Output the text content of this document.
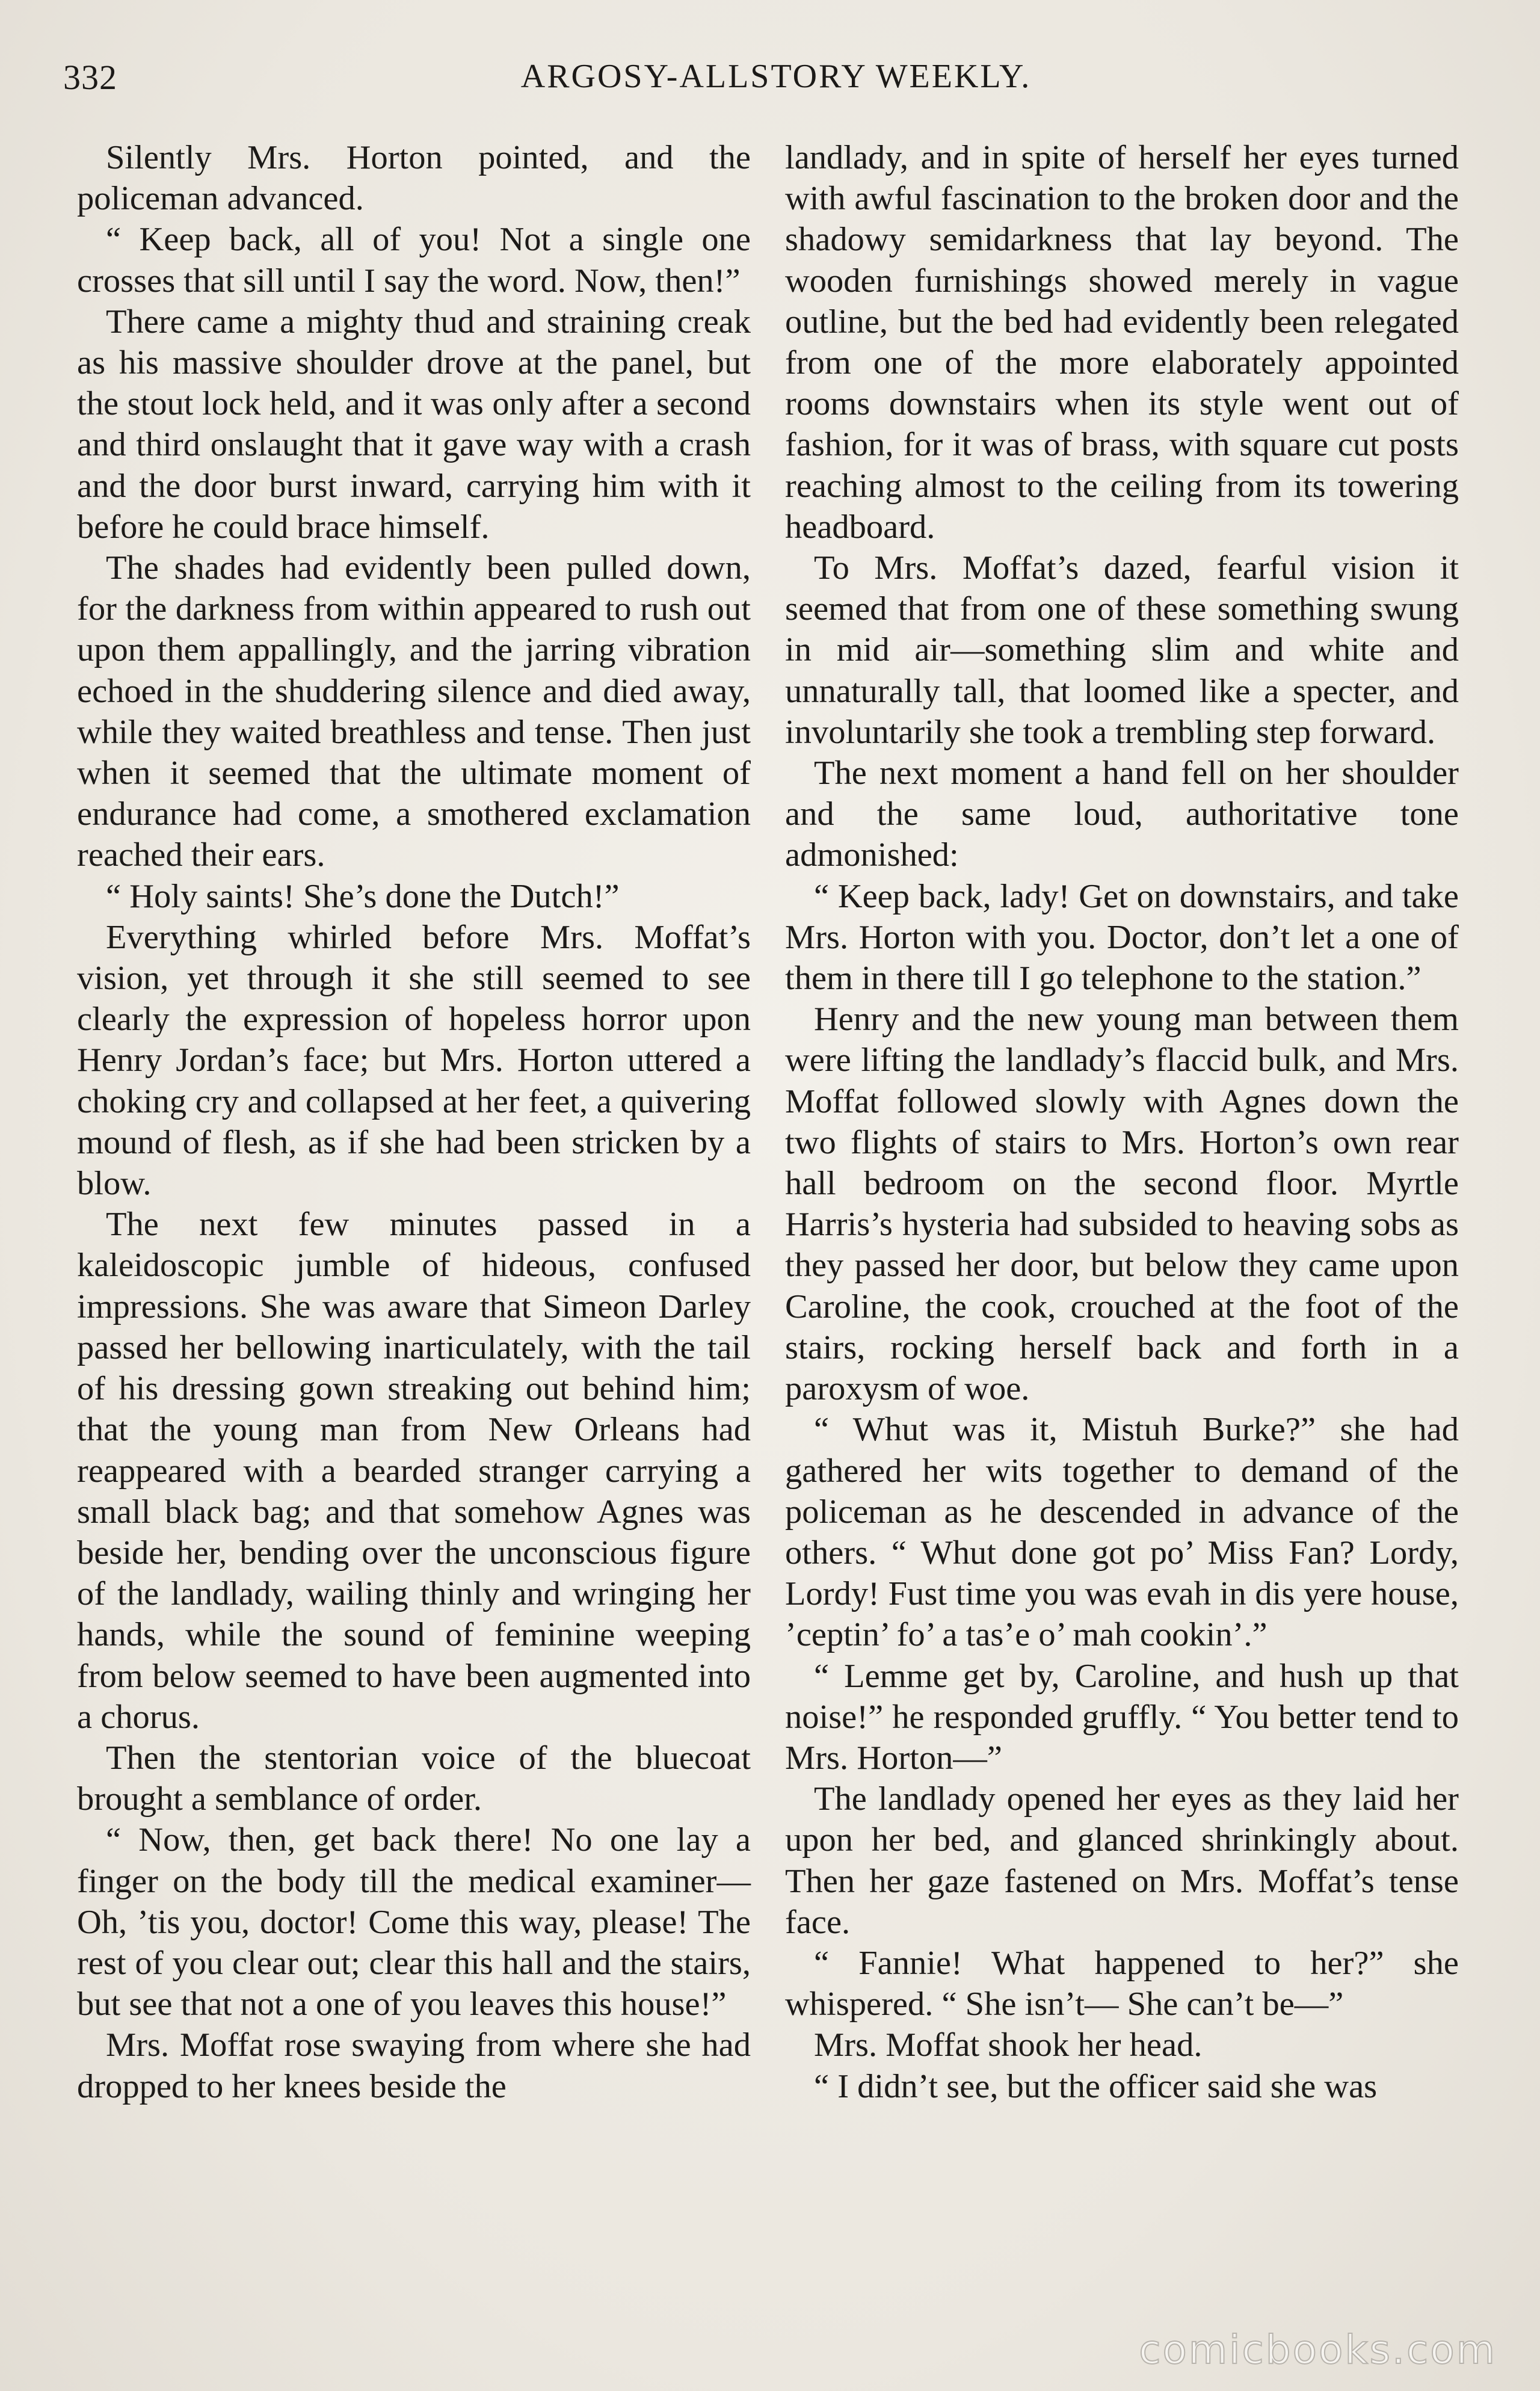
332	ARGOSY-ALLSTORY WEEKLY.

Silently Mrs. Horton pointed, and the policeman advanced.

“ Keep back, all of you! Not a single one crosses that sill until I say the word. Now, then!”

There came a mighty thud and straining creak as his massive shoulder drove at the panel, but the stout lock held, and it was only after a second and third onslaught that it gave way with a crash and the door burst inward, carrying him with it before he could brace himself.

The shades had evidently been pulled down, for the darkness from within appeared to rush out upon them appallingly, and the jarring vibration echoed in the shuddering silence and died away, while they waited breathless and tense. Then just when it seemed that the ultimate moment of endurance had come, a smothered exclamation reached their ears.

“ Holy saints! She’s done the Dutch!”

Everything whirled before Mrs. Moffat’s vision, yet through it she still seemed to see clearly the expression of hopeless horror upon Henry Jordan’s face; but Mrs. Horton uttered a choking cry and collapsed at her feet, a quivering mound of flesh, as if she had been stricken by a blow.

The next few minutes passed in a kaleidoscopic jumble of hideous, confused impressions. She was aware that Simeon Darley passed her bellowing inarticulately, with the tail of his dressing gown streaking out behind him; that the young man from New Orleans had reappeared with a bearded stranger carrying a small black bag; and that somehow Agnes was beside her, bending over the unconscious figure of the landlady, wailing thinly and wringing her hands, while the sound of feminine weeping from below seemed to have been augmented into a chorus.

Then the stentorian voice of the bluecoat brought a semblance of order.

“ Now, then, get back there! No one lay a finger on the body till the medical examiner— Oh, ’tis you, doctor! Come this way, please! The rest of you clear out; clear this hall and the stairs, but see that not a one of you leaves this house!”

Mrs. Moffat rose swaying from where she had dropped to her knees beside the

landlady, and in spite of herself her eyes turned with awful fascination to the broken door and the shadowy semidarkness that lay beyond. The wooden furnishings showed merely in vague outline, but the bed had evidently been relegated from one of the more elaborately appointed rooms downstairs when its style went out of fashion, for it was of brass, with square cut posts reaching almost to the ceiling from its towering headboard.

To Mrs. Moffat’s dazed, fearful vision it seemed that from one of these something swung in mid air—something slim and white and unnaturally tall, that loomed like a specter, and involuntarily she took a trembling step forward.

The next moment a hand fell on her shoulder and the same loud, authoritative tone admonished:

“ Keep back, lady! Get on downstairs, and take Mrs. Horton with you. Doctor, don’t let a one of them in there till I go telephone to the station.”

Henry and the new young man between them were lifting the landlady’s flaccid bulk, and Mrs. Moffat followed slowly with Agnes down the two flights of stairs to Mrs. Horton’s own rear hall bedroom on the second floor. Myrtle Harris’s hysteria had subsided to heaving sobs as they passed her door, but below they came upon Caroline, the cook, crouched at the foot of the stairs, rocking herself back and forth in a paroxysm of woe.

“ Whut was it, Mistuh Burke?” she had gathered her wits together to demand of the policeman as he descended in advance of the others. “ Whut done got po’ Miss Fan? Lordy, Lordy! Fust time you was evah in dis yere house, ’ceptin’ fo’ a tas’e o’ mah cookin’.”

“ Lemme get by, Caroline, and hush up that noise!” he responded gruffly. “ You better tend to Mrs. Horton—”

The landlady opened her eyes as they laid her upon her bed, and glanced shrinkingly about. Then her gaze fastened on Mrs. Moffat’s tense face.

“ Fannie! What happened to her?” she whispered. “ She isn’t— She can’t be—”

Mrs. Moffat shook her head.

“ I didn’t see, but the officer said she was

comicbooks.com
